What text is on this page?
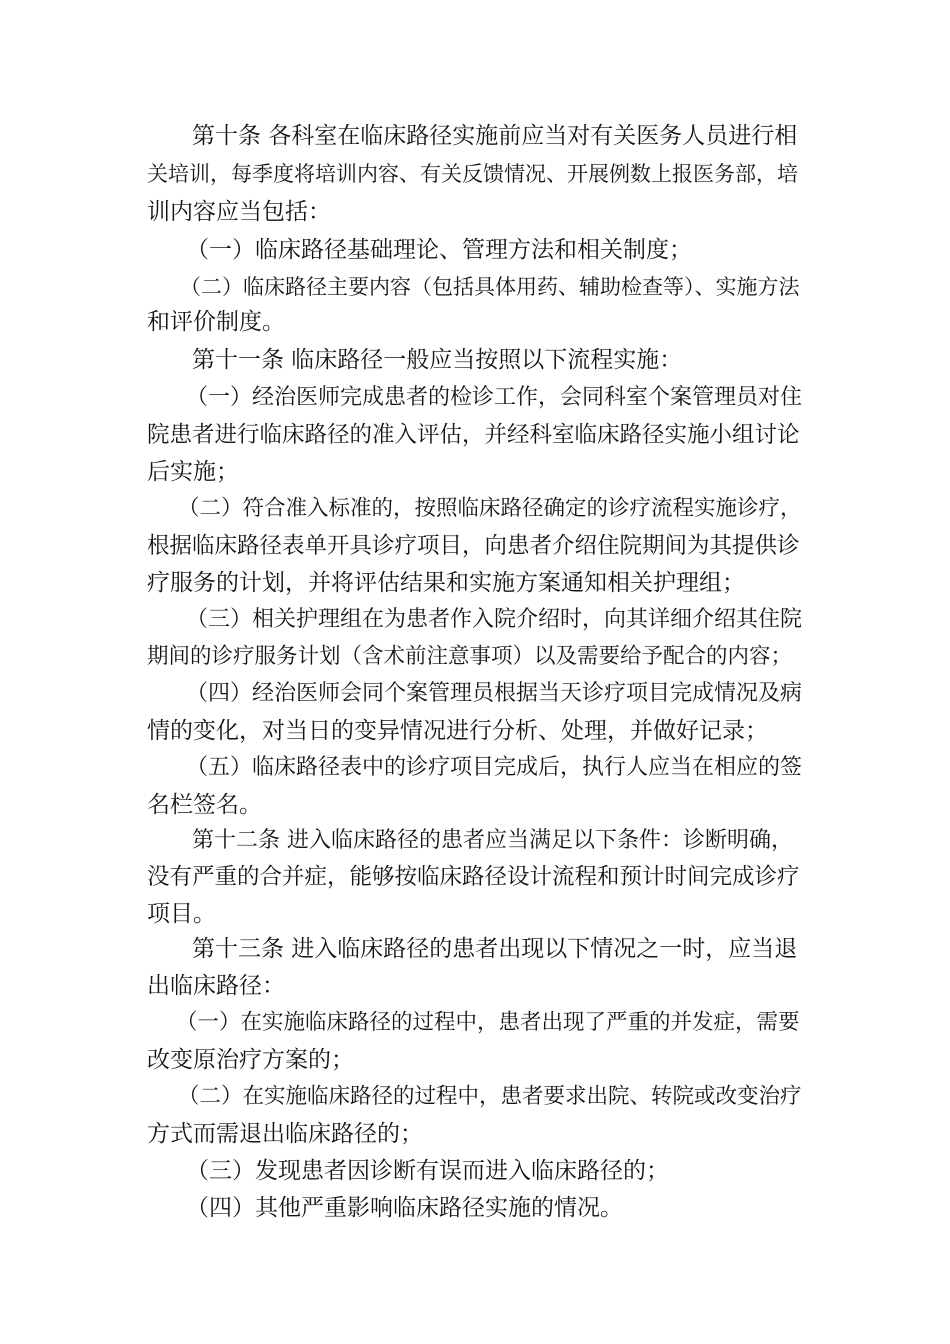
第十条 各科室在临床路径实施前应当对有关医务人员进行相
关培训，每季度将培训内容、有关反馈情况、开展例数上报医务部，培
训内容应当包括：
（一）临床路径基础理论、管理方法和相关制度；
（二）临床路径主要内容（包括具体用药、辅助检查等）、实施方法
和评价制度。
第十一条 临床路径一般应当按照以下流程实施：
（一）经治医师完成患者的检诊工作，会同科室个案管理员对住
院患者进行临床路径的准入评估，并经科室临床路径实施小组讨论
后实施；
（二）符合准入标准的，按照临床路径确定的诊疗流程实施诊疗，
根据临床路径表单开具诊疗项目，向患者介绍住院期间为其提供诊
疗服务的计划，并将评估结果和实施方案通知相关护理组；
（三）相关护理组在为患者作入院介绍时，向其详细介绍其住院
期间的诊疗服务计划（含术前注意事项）以及需要给予配合的内容；
（四）经治医师会同个案管理员根据当天诊疗项目完成情况及病
情的变化，对当日的变异情况进行分析、处理，并做好记录；
（五）临床路径表中的诊疗项目完成后，执行人应当在相应的签
名栏签名。
第十二条 进入临床路径的患者应当满足以下条件：诊断明确，
没有严重的合并症，能够按临床路径设计流程和预计时间完成诊疗
项目。
第十三条 进入临床路径的患者出现以下情况之一时，应当退
出临床路径：
（一）在实施临床路径的过程中，患者出现了严重的并发症，需要
改变原治疗方案的；
（二）在实施临床路径的过程中，患者要求出院、转院或改变治疗
方式而需退出临床路径的；
（三）发现患者因诊断有误而进入临床路径的；
（四）其他严重影响临床路径实施的情况。
